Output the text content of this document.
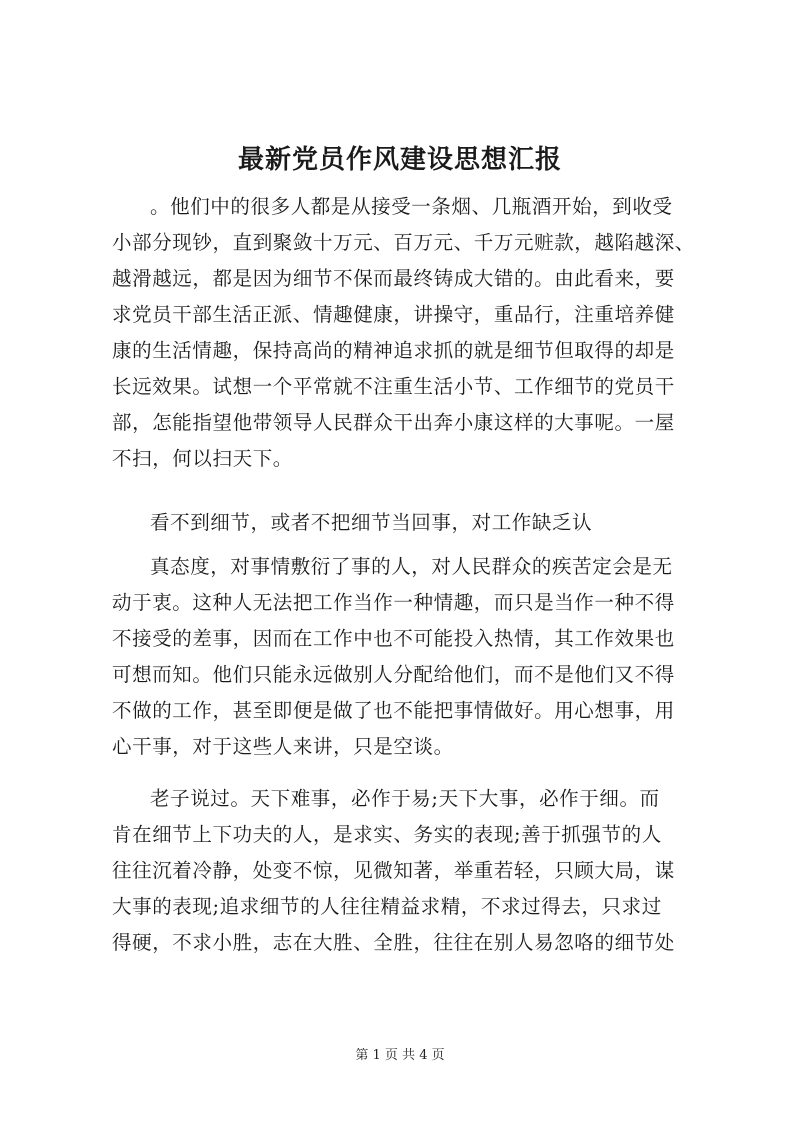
最新党员作风建设思想汇报
。他们中的很多人都是从接受一条烟、几瓶酒开始，到收受
小部分现钞，直到聚敛十万元、百万元、千万元赃款，越陷越深、
越滑越远，都是因为细节不保而最终铸成大错的。由此看来，要
求党员干部生活正派、情趣健康，讲操守，重品行，注重培养健
康的生活情趣，保持高尚的精神追求抓的就是细节但取得的却是
长远效果。试想一个平常就不注重生活小节、工作细节的党员干
部，怎能指望他带领导人民群众干出奔小康这样的大事呢。一屋
不扫，何以扫天下。
看不到细节，或者不把细节当回事，对工作缺乏认
真态度，对事情敷衍了事的人，对人民群众的疾苦定会是无
动于衷。这种人无法把工作当作一种情趣，而只是当作一种不得
不接受的差事，因而在工作中也不可能投入热情，其工作效果也
可想而知。他们只能永远做别人分配给他们，而不是他们又不得
不做的工作，甚至即便是做了也不能把事情做好。用心想事，用
心干事，对于这些人来讲，只是空谈。
老子说过。天下难事，必作于易;天下大事，必作于细。而
肯在细节上下功夫的人，是求实、务实的表现;善于抓强节的人
往往沉着冷静，处变不惊，见微知著，举重若轻，只顾大局，谋
大事的表现;追求细节的人往往精益求精，不求过得去，只求过
得硬，不求小胜，志在大胜、全胜，往往在别人易忽咯的细节处
第 1 页 共 4 页
